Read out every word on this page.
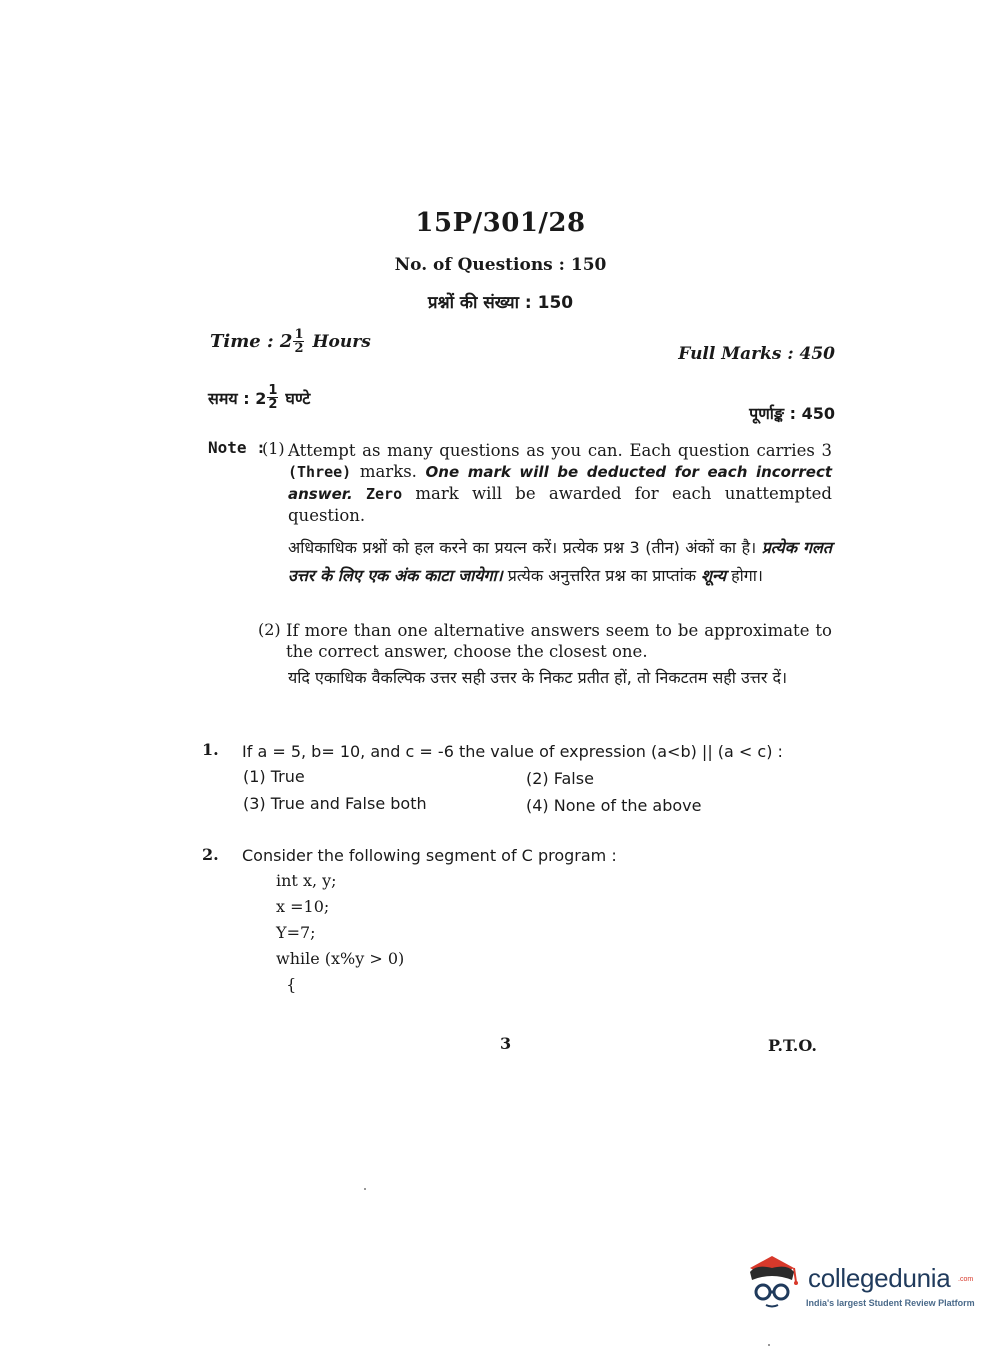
15P/301/28
No. of Questions : 150
प्रश्नों की संख्या : 150
Time : $2 \frac{1}{2}$ Hours
समय : $2 \frac{1}{2}$ घण्टे
Full Marks : 450
पूर्णाङ्क : 450
Note :
(1) Attempt as many questions as you can. Each question carries 3 (Three) marks. One mark will be deducted for each incorrect answer. Zero mark will be awarded for each unattempted question.
अधिकाधिक प्रश्नों को हल करने का प्रयत्न करें। प्रत्येक प्रश्न 3 (तीन) अंकों का है। प्रत्येक गलत उत्तर के लिए एक अंक काटा जायेगा। प्रत्येक अनुत्तरित प्रश्न का प्राप्तांक शून्य होगा।
(2) If more than one alternative answers seem to be approximate to the correct answer, choose the closest one.
यदि एकाधिक वैकल्पिक उत्तर सही उत्तर के निकट प्रतीत हों, तो निकटतम सही उत्तर दें।
1. If a = 5, b= 10, and c = -6 the value of expression (a<b) || (a < c) :
(1) True	(2) False
(3) True and False both	(4) None of the above
2. Consider the following segment of C program :
int x, y;
x =10;
Y=7;
while (x%y > 0)
{
3	P.T.O.
collegedunia .com
India's largest Student Review Platform
